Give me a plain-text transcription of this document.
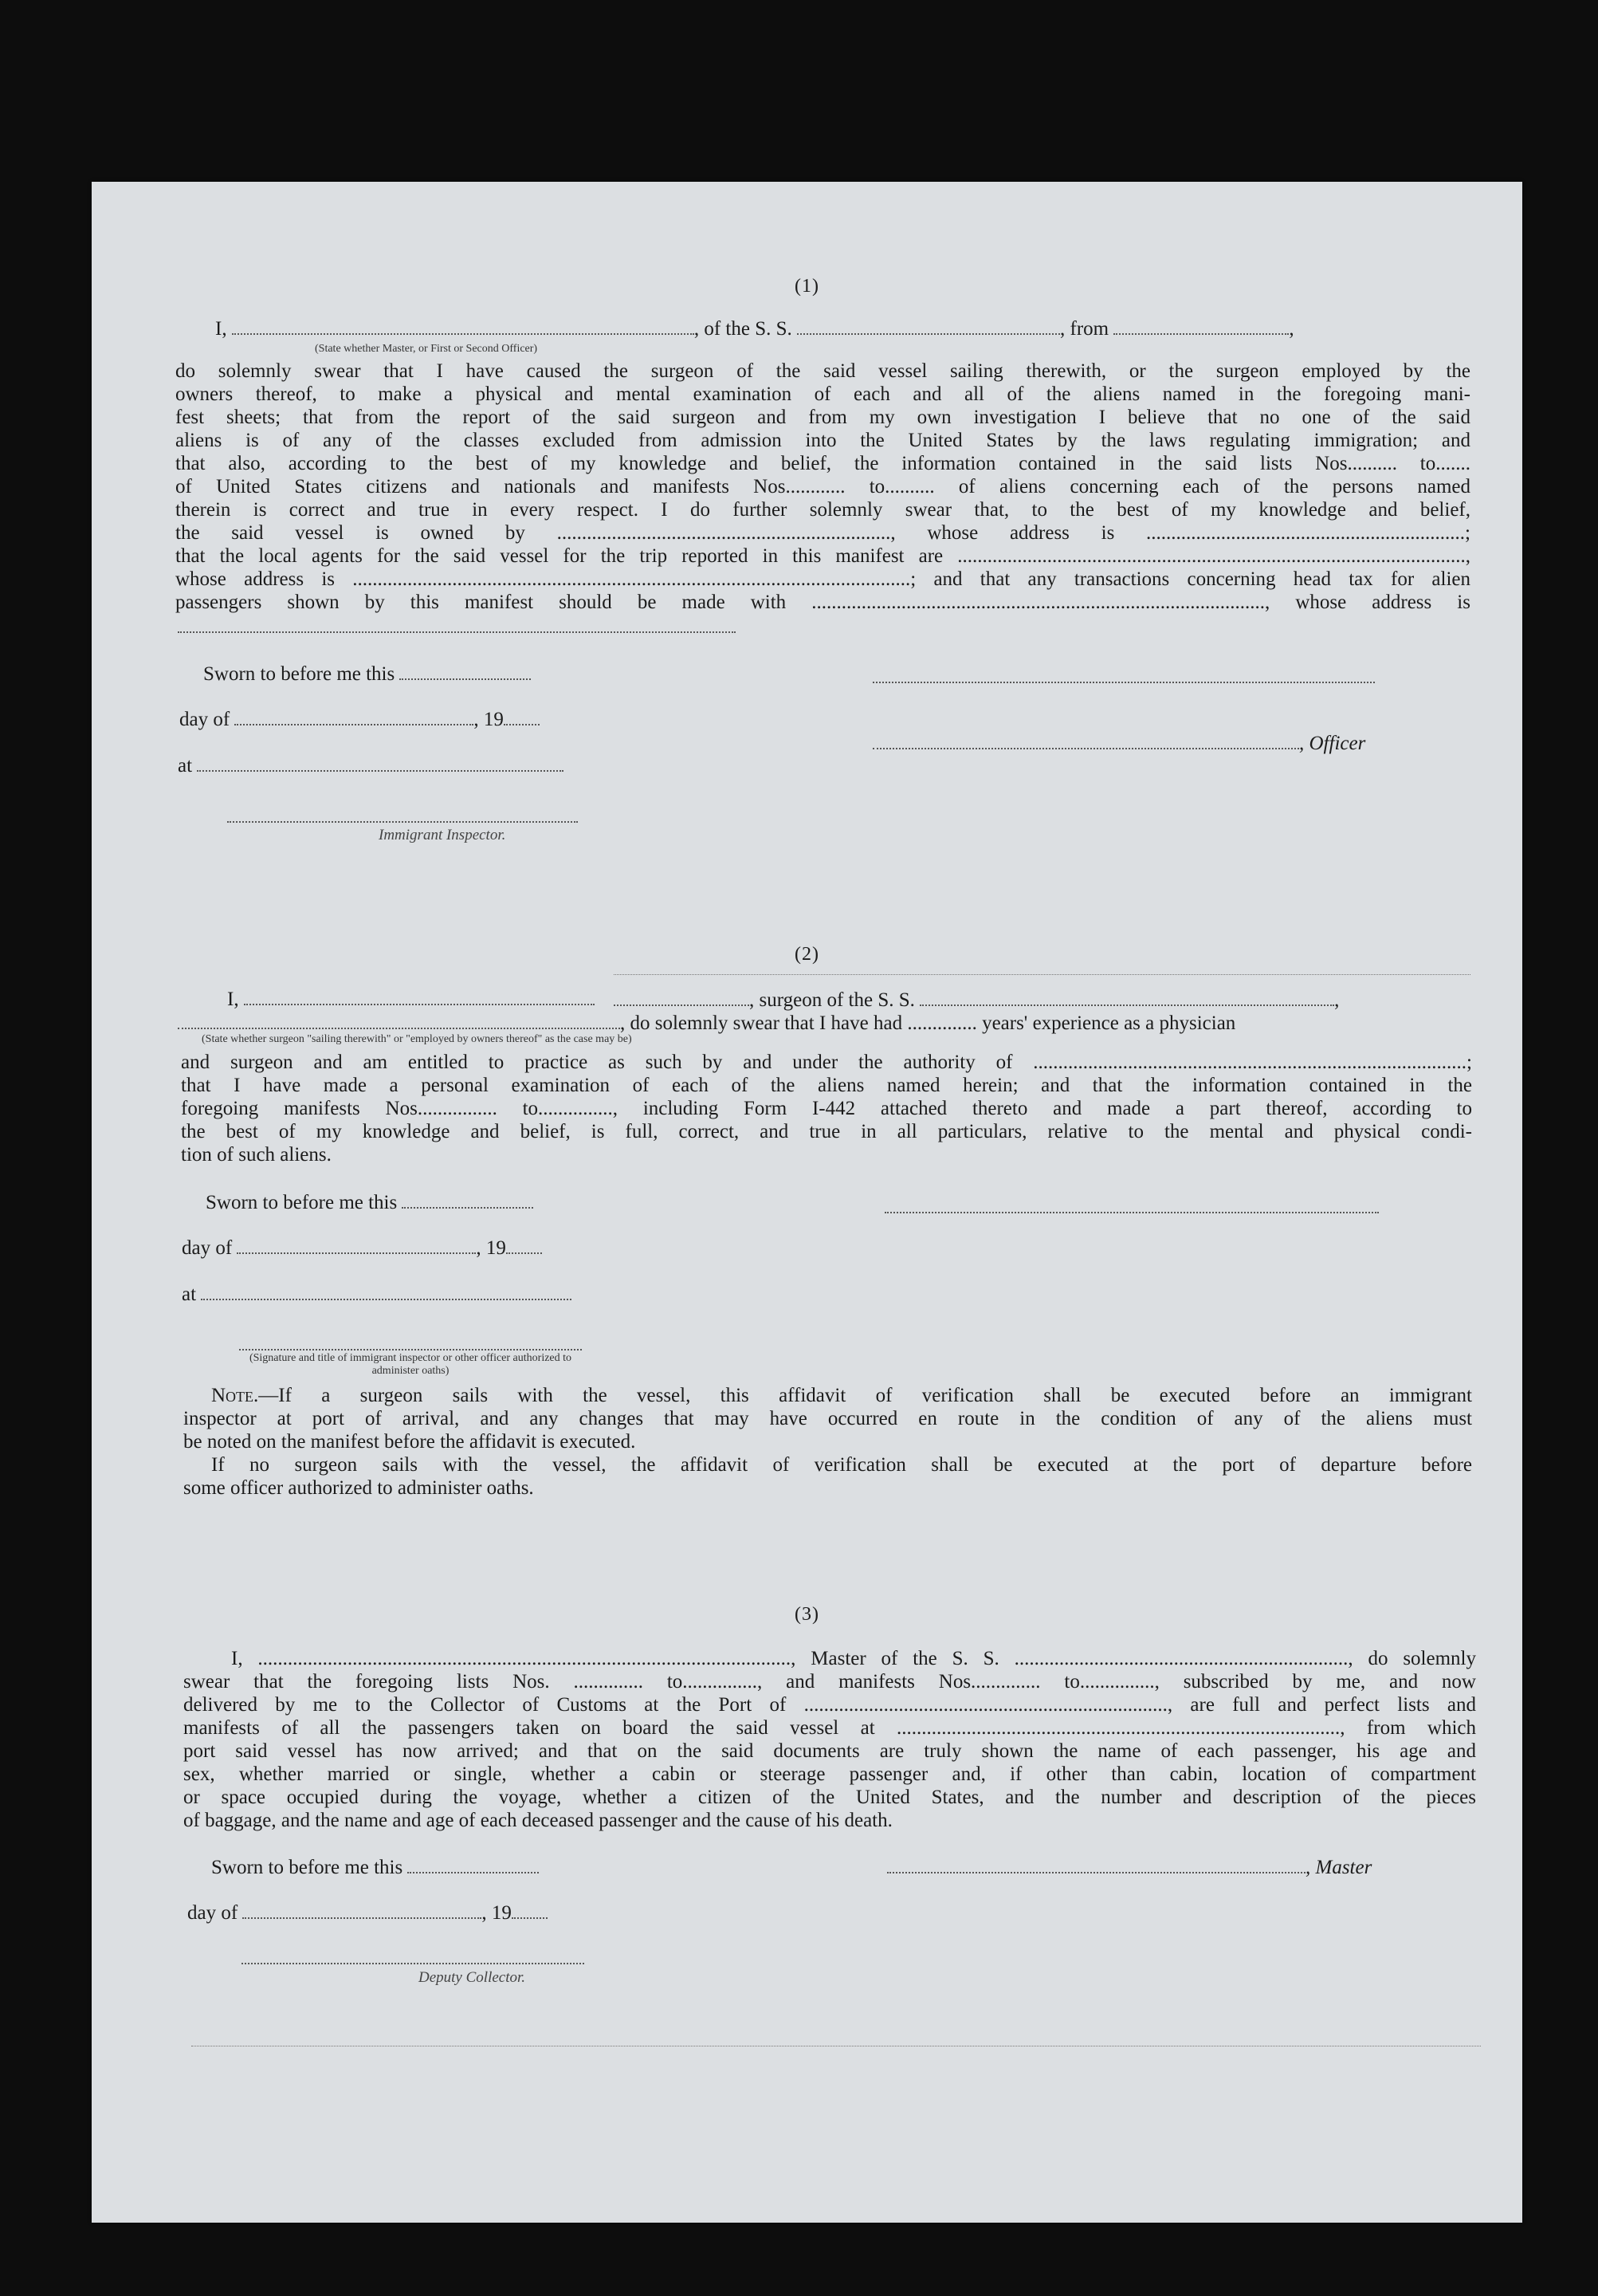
(1)
I,	, of the S. S.	, from	,
(State whether Master, or First or Second Officer)
do solemnly swear that I have caused the surgeon of the said vessel sailing therewith, or the surgeon employed by the
owners thereof, to make a physical and mental examination of each and all of the aliens named in the foregoing mani-
fest sheets; that from the report of the said surgeon and from my own investigation I believe that no one of the said
aliens is of any of the classes excluded from admission into the United States by the laws regulating immigration; and
that also, according to the best of my knowledge and belief, the information contained in the said lists Nos.......... to.......
of United States citizens and nationals and manifests Nos............ to.......... of aliens concerning each of the persons named
therein is correct and true in every respect. I do further solemnly swear that, to the best of my knowledge and belief,
the said vessel is owned by ..................................................................., whose address is ................................................................;
that the local agents for the said vessel for the trip reported in this manifest are ......................................................................................................,
whose address is ................................................................................................................; and that any transactions concerning head tax for alien
passengers shown by this manifest should be made with ..........................................................................................., whose address is
Sworn to before me this
day of	, 19
at
, Officer
Immigrant Inspector.
(2)
, surgeon of the S. S.	,
I,
, do solemnly swear that I have had .............. years' experience as a physician
(State whether surgeon "sailing therewith" or "employed by owners thereof" as the case may be)
and surgeon and am entitled to practice as such by and under the authority of .......................................................................................;
that I have made a personal examination of each of the aliens named herein; and that the information contained in the
foregoing manifests Nos................ to..............., including Form I-442 attached thereto and made a part thereof, according to
the best of my knowledge and belief, is full, correct, and true in all particulars, relative to the mental and physical condi-
tion of such aliens.
Sworn to before me this
day of	, 19
at
(Signature and title of immigrant inspector or other officer authorized to administer oaths)
Note.—If a surgeon sails with the vessel, this affidavit of verification shall be executed before an immigrant
inspector at port of arrival, and any changes that may have occurred en route in the condition of any of the aliens must
be noted on the manifest before the affidavit is executed.
If no surgeon sails with the vessel, the affidavit of verification shall be executed at the port of departure before
some officer authorized to administer oaths.
(3)
I, ..........................................................................................................., Master of the S. S. ..................................................................., do solemnly
swear that the foregoing lists Nos. .............. to..............., and manifests Nos.............. to..............., subscribed by me, and now
delivered by me to the Collector of Customs at the Port of ........................................................................., are full and perfect lists and
manifests of all the passengers taken on board the said vessel at ........................................................................................., from which
port said vessel has now arrived; and that on the said documents are truly shown the name of each passenger, his age and
sex, whether married or single, whether a cabin or steerage passenger and, if other than cabin, location of compartment
or space occupied during the voyage, whether a citizen of the United States, and the number and description of the pieces
of baggage, and the name and age of each deceased passenger and the cause of his death.
Sworn to before me this	, Master
day of	, 19
Deputy Collector.
